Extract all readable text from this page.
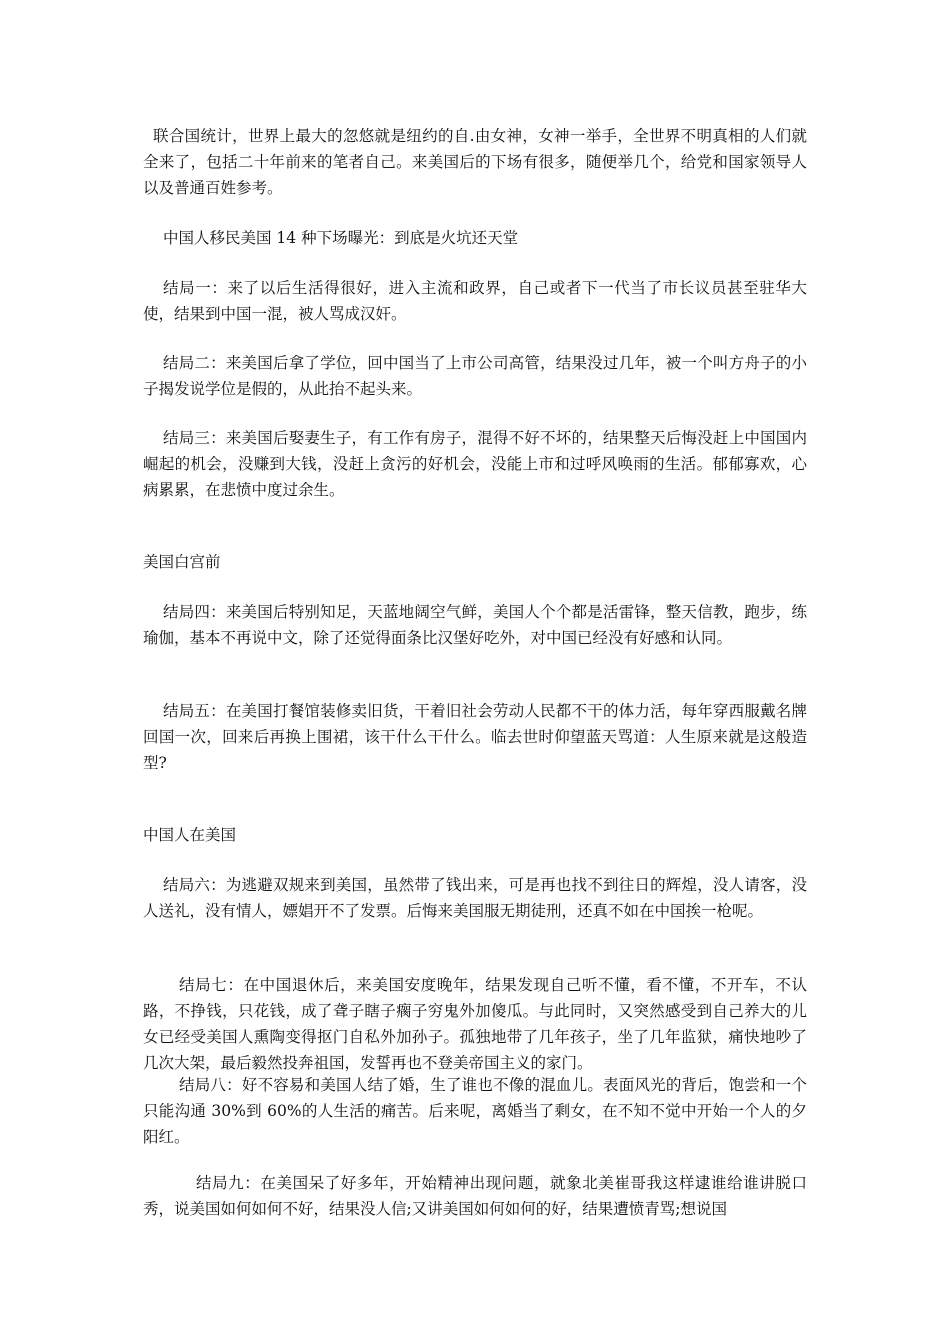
联合国统计，世界上最大的忽悠就是纽约的自.由女神，女神一举手，全世界不明真相的人们就全来了，包括二十年前来的笔者自己。来美国后的下场有很多，随便举几个，给党和国家领导人以及普通百姓参考。

中国人移民美国 14 种下场曝光：到底是火坑还天堂

结局一：来了以后生活得很好，进入主流和政界，自己或者下一代当了市长议员甚至驻华大使，结果到中国一混，被人骂成汉奸。

结局二：来美国后拿了学位，回中国当了上市公司高管，结果没过几年，被一个叫方舟子的小子揭发说学位是假的，从此抬不起头来。

结局三：来美国后娶妻生子，有工作有房子，混得不好不坏的，结果整天后悔没赶上中国国内崛起的机会，没赚到大钱，没赶上贪污的好机会，没能上市和过呼风唤雨的生活。郁郁寡欢，心病累累，在悲愤中度过余生。

美国白宫前

结局四：来美国后特别知足，天蓝地阔空气鲜，美国人个个都是活雷锋，整天信教，跑步，练瑜伽，基本不再说中文，除了还觉得面条比汉堡好吃外，对中国已经没有好感和认同。

结局五：在美国打餐馆装修卖旧货，干着旧社会劳动人民都不干的体力活，每年穿西服戴名牌回国一次，回来后再换上围裙，该干什么干什么。临去世时仰望蓝天骂道：人生原来就是这般造型?

中国人在美国

结局六：为逃避双规来到美国，虽然带了钱出来，可是再也找不到往日的辉煌，没人请客，没人送礼，没有情人，嫖娼开不了发票。后悔来美国服无期徒刑，还真不如在中国挨一枪呢。

结局七：在中国退休后，来美国安度晚年，结果发现自己听不懂，看不懂，不开车，不认路，不挣钱，只花钱，成了聋子瞎子瘸子穷鬼外加傻瓜。与此同时，又突然感受到自己养大的儿女已经受美国人熏陶变得抠门自私外加孙子。孤独地带了几年孩子，坐了几年监狱，痛快地吵了几次大架，最后毅然投奔祖国，发誓再也不登美帝国主义的家门。

结局八：好不容易和美国人结了婚，生了谁也不像的混血儿。表面风光的背后，饱尝和一个只能沟通 30%到 60%的人生活的痛苦。后来呢，离婚当了剩女，在不知不觉中开始一个人的夕阳红。

结局九：在美国呆了好多年，开始精神出现问题，就象北美崔哥我这样逮谁给谁讲脱口秀，说美国如何如何不好，结果没人信;又讲美国如何如何的好，结果遭愤青骂;想说国
